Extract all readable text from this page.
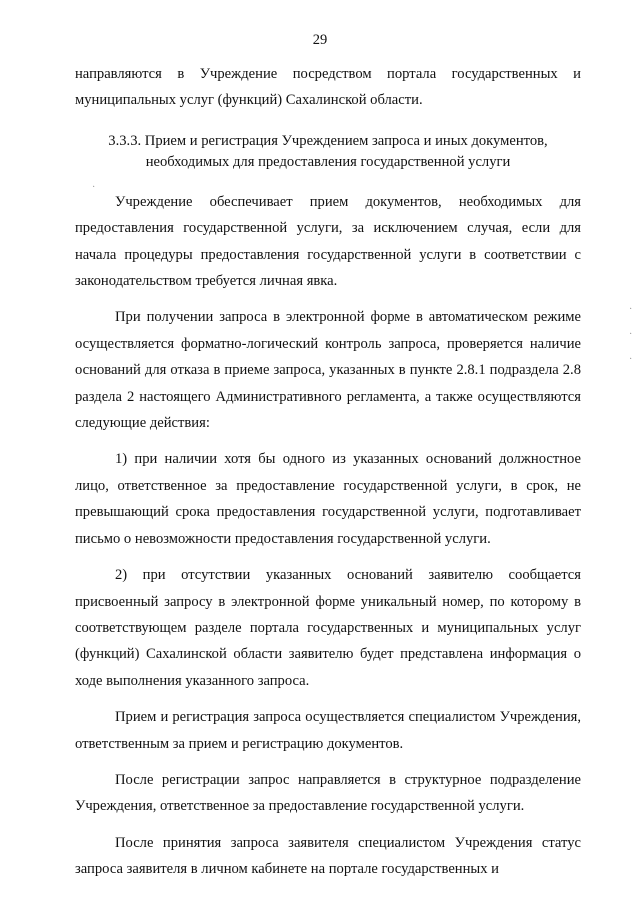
29

направляются в Учреждение посредством портала государственных и муниципальных услуг (функций) Сахалинской области.

3.3.3. Прием и регистрация Учреждением запроса и иных документов,
необходимых для предоставления государственной услуги

Учреждение обеспечивает прием документов, необходимых для предоставления государственной услуги, за исключением случая, если для начала процедуры предоставления государственной услуги в соответствии с законодательством требуется личная явка.

При получении запроса в электронной форме в автоматическом режиме осуществляется форматно-логический контроль запроса, проверяется наличие оснований для отказа в приеме запроса, указанных в пункте 2.8.1 подраздела 2.8 раздела 2 настоящего Административного регламента, а также осуществляются следующие действия:

1) при наличии хотя бы одного из указанных оснований должностное лицо, ответственное за предоставление государственной услуги, в срок, не превышающий срока предоставления государственной услуги, подготавливает письмо о невозможности предоставления государственной услуги.

2) при отсутствии указанных оснований заявителю сообщается присвоенный запросу в электронной форме уникальный номер, по которому в соответствующем разделе портала государственных и муниципальных услуг (функций) Сахалинской области заявителю будет представлена информация о ходе выполнения указанного запроса.

Прием и регистрация запроса осуществляется специалистом Учреждения, ответственным за прием и регистрацию документов.

После регистрации запрос направляется в структурное подразделение Учреждения, ответственное за предоставление государственной услуги.

После принятия запроса заявителя специалистом Учреждения статус запроса заявителя в личном кабинете на портале государственных и

·
·
·
·
